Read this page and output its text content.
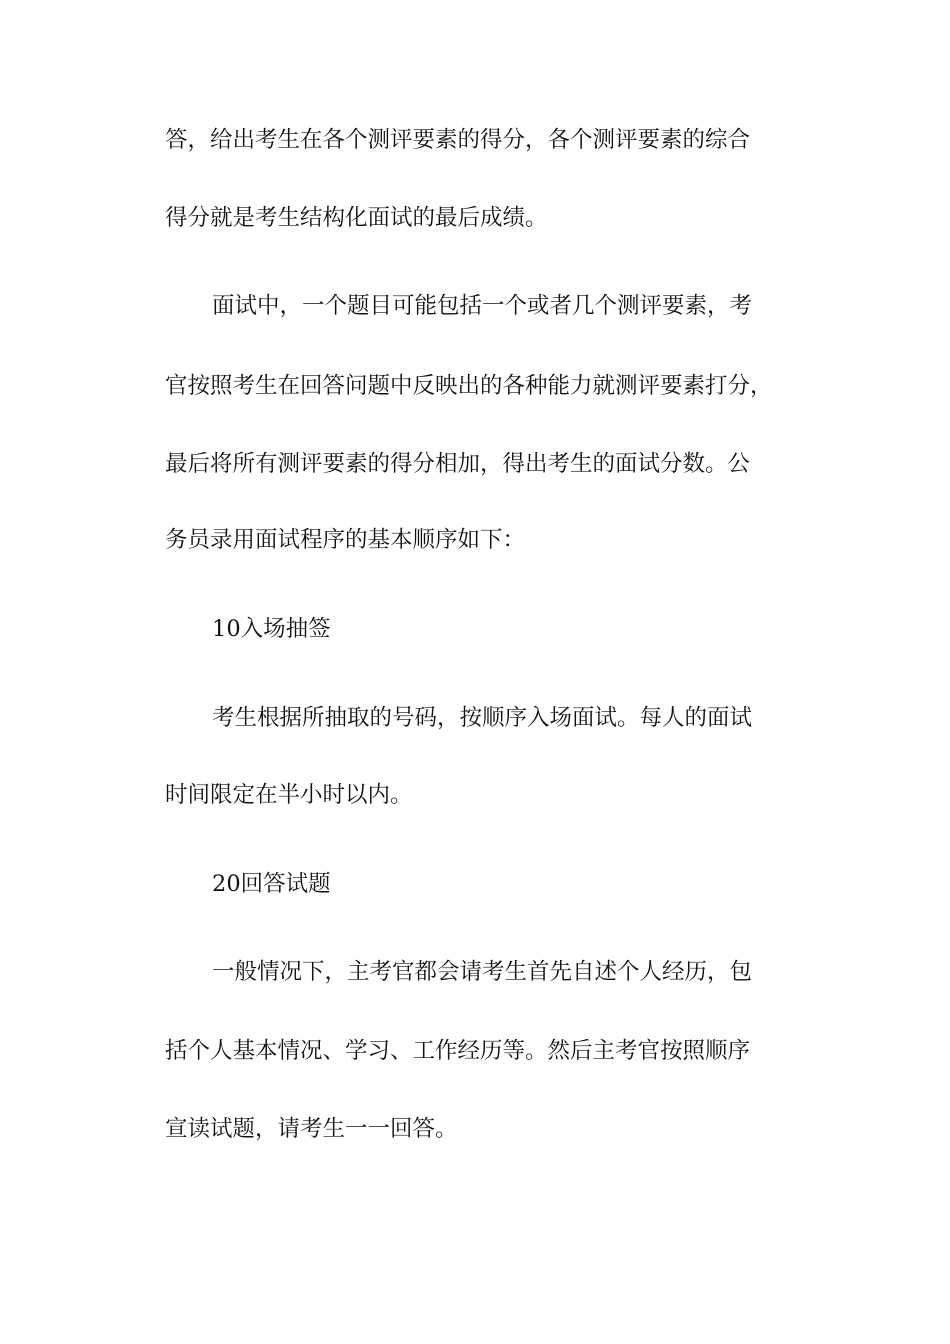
答，给出考生在各个测评要素的得分，各个测评要素的综合
得分就是考生结构化面试的最后成绩。
面试中，一个题目可能包括一个或者几个测评要素，考
官按照考生在回答问题中反映出的各种能力就测评要素打分，
最后将所有测评要素的得分相加，得出考生的面试分数。公
务员录用面试程序的基本顺序如下：
10入场抽签
考生根据所抽取的号码，按顺序入场面试。每人的面试
时间限定在半小时以内。
20回答试题
一般情况下，主考官都会请考生首先自述个人经历，包
括个人基本情况、学习、工作经历等。然后主考官按照顺序
宣读试题，请考生一一回答。
